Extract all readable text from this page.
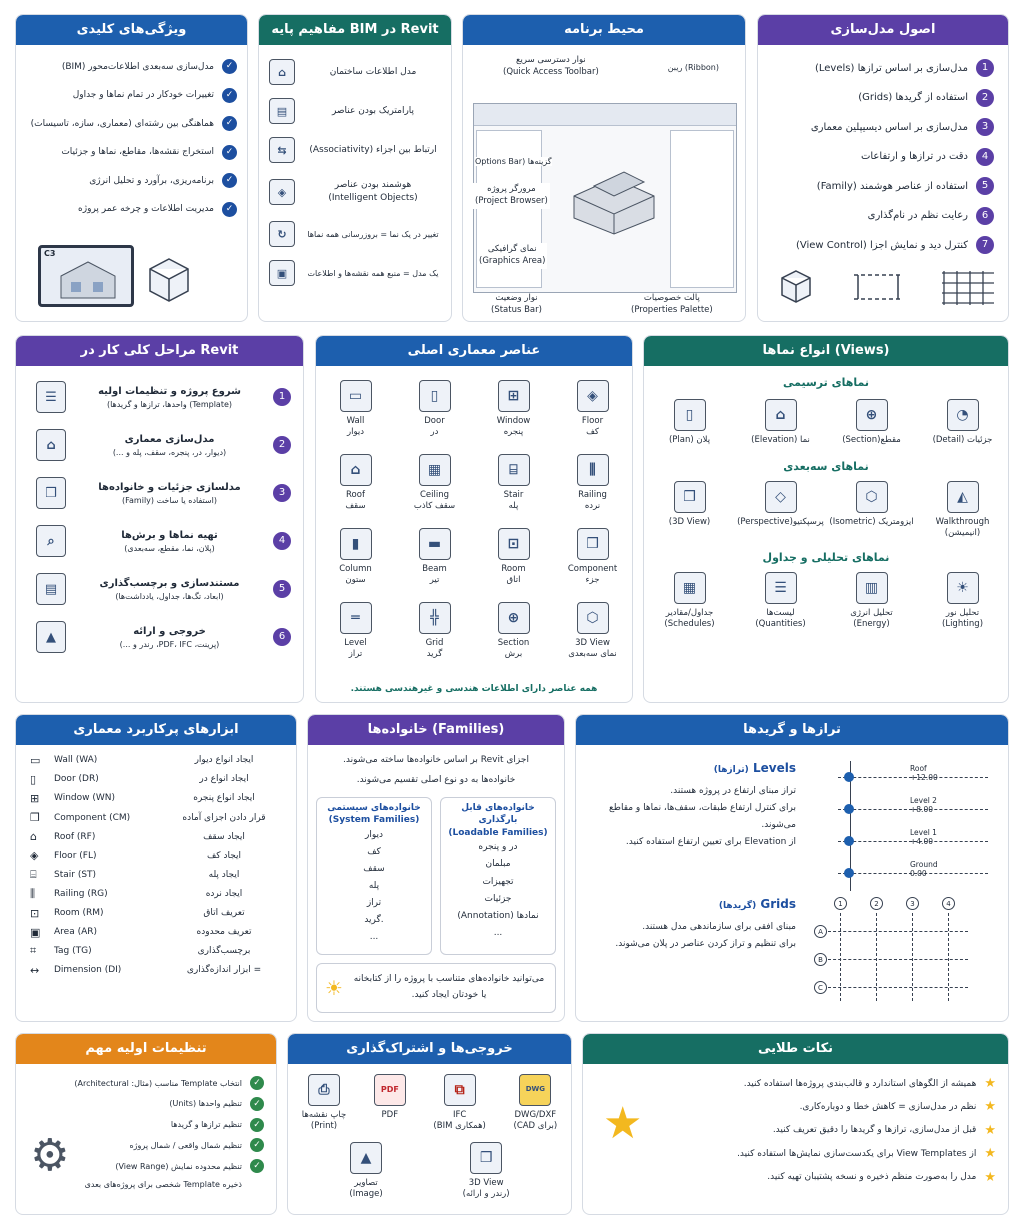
اصول مدل‌سازی
1
مدل‌سازی بر اساس ترازها (Levels)
2
استفاده از گریدها (Grids)
3
مدل‌سازی بر اساس دیسیپلین معماری
4
دقت در ترازها و ارتفاعات
5
استفاده از عناصر هوشمند (Family)
6
رعایت نظم در نام‌گذاری
7
کنترل دید و نمایش اجزا (View Control)
محیط برنامه
نوار دسترسی سریع
(Quick Access Toolbar)	ریبن (Ribbon)
Options Bar) گزینه‌ها
مرورگر پروژه
(Project Browser)
نمای گرافیکی
(Graphics Area)
نوار وضعیت
(Status Bar)
پالت خصوصیات
(Properties Palette)
مفاهیم پایه BIM در Revit
⌂	مدل اطلاعات ساختمان
▤	پارامتریک بودن عناصر
⇆	ارتباط بین اجزاء (Associativity)
◈
هوشمند بودن عناصر
(Intelligent Objects)
↻	تغییر در یک نما = بروزرسانی همه نماها
▣	یک مدل = منبع همه نقشه‌ها و اطلاعات
ویژگی‌های کلیدی
✓
مدل‌سازی سه‌بعدی اطلاعات‌محور (BIM)
✓
تغییرات خودکار در تمام نماها و جداول
✓
هماهنگی بین رشته‌ای (معماری، سازه، تاسیسات)
✓
استخراج نقشه‌ها، مقاطع، نماها و جزئیات
✓
برنامه‌ریزی، برآورد و تحلیل انرژی
✓
مدیریت اطلاعات و چرخه عمر پروژه
C3
انواع نماها (Views)
نماهای ترسیمی
◔
جزئیات (Detail)
⊕
مقطع(Section)
⌂
نما (Elevation)
▯
پلان (Plan)
نماهای سه‌بعدی
◭
Walkthrough
(انیمیشن)
⬡
ایزومتریک (Isometric)
◇
پرسپکتیو(Perspective)
❒
(3D View)
نماهای تحلیلی و جداول
☀
تحلیل نور
(Lighting)
▥
تحلیل انرژی
(Energy)
☰
لیست‌ها
(Quantities)
▦
جداول/مقادیر
(Schedules)
عناصر معماری اصلی
▭
Wall
دیوار
▯
Door
در
⊞
Window
پنجره
◈
Floor
کف
⌂
Roof
سقف
▦
Ceiling
سقف کاذب
⌸
Stair
پله
⫼
Railing
نرده
▮
Column
ستون
▬
Beam
تیر
⊡
Room
اتاق
❒
Component
جزء
═
Level
تراز
╬
Grid
گرید
⊕
Section
برش
⬡
3D View
نمای سه‌بعدی
همه عناصر دارای اطلاعات هندسی و غیرهندسی هستند.
مراحل کلی کار در Revit
☰	شروع پروژه و تنظیمات اولیه
(Template) واحدها، ترازها و گریدها)
1
⌂	مدل‌سازی معماری
(دیوار، در، پنجره، سقف، پله و ...)
2
❒	مدلسازی جزئیات و خانواده‌ها
(استفاده یا ساخت (Family)
3
⌕	تهیه نماها و برش‌ها
(پلان، نما، مقطع، سه‌بعدی)
4
▤	مستندسازی و برچسب‌گذاری
(ابعاد، تگ‌ها، جداول، یادداشت‌ها)
5
▲	خروجی و ارائه
(پرینت، PDF، IFC، رندر و ...)
6
ترازها و گریدها
Levels (ترازها)
تراز مبنای ارتفاع در پروژه هستند.
برای کنترل ارتفاع طبقات، سقف‌ها، نماها و مقاطع می‌شوند.
از Elevation برای تعیین ارتفاع استفاده کنید.
Grids (گریدها)
مبنای افقی برای سازماندهی مدل هستند.
برای تنظیم و تراز کردن عناصر در پلان می‌شوند.
Roof
+12.00
Level 2
+8.00
Level 1
+4.00
Ground
0.00
1	2	3	4
A
B
C
خانواده‌ها (Families)
اجزای Revit بر اساس خانواده‌ها ساخته می‌شوند.
خانواده‌ها به دو نوع اصلی تقسیم می‌شوند.
خانواده‌های سیستمی
(System Families)
دیوار
کف
سقف
پله
تراز
گرید.
...
خانواده‌های قابل بارگذاری
(Loadable Families)
در و پنجره
مبلمان
تجهیزات
جزئیات
(Annotation) نمادها
...
☀	می‌توانید خانواده‌های متناسب با پروژه را از کتابخانه یا خودتان ایجاد کنید.
ابزارهای پرکاربرد معماری
▭	Wall (WA)	ایجاد انواع دیوار
▯	Door (DR)	ایجاد انواع در
⊞	Window (WN)	ایجاد انواع پنجره
❒	Component (CM)	قرار دادن اجزای آماده
⌂	Roof (RF)	ایجاد سقف
◈	Floor (FL)	ایجاد کف
⌸	Stair (ST)	ایجاد پله
⫼	Railing (RG)	ایجاد نرده
⊡	Room (RM)	تعریف اتاق
▣	Area (AR)	تعریف محدوده
⌗	Tag (TG)	برچسب‌گذاری
↔	Dimension (DI)	= ابزار اندازه‌گذاری
نکات طلایی
★
★
همیشه از الگوهای استاندارد و قالب‌بندی پروژه‌ها استفاده کنید.
★
نظم در مدل‌سازی = کاهش خطا و دوباره‌کاری.
★
قبل از مدل‌سازی، ترازها و گریدها را دقیق تعریف کنید.
★
از View Templates برای یکدست‌سازی نمایش‌ها استفاده کنید.
★
مدل را به‌صورت منظم ذخیره و نسخه پشتیبان تهیه کنید.
خروجی‌ها و اشتراک‌گذاری
DWG
DWG/DXF
(برای CAD)
⧉
IFC
(همکاری BIM)
PDF
PDF
⎙
چاپ نقشه‌ها
(Print)
❒
3D View
(رندر و ارائه)
▲
تصاویر
(Image)
تنظیمات اولیه مهم
⚙
✓
انتخاب Template مناسب (مثال: Architectural)
✓
تنظیم واحدها (Units)
✓
تنظیم ترازها و گریدها
✓
تنظیم شمال واقعی / شمال پروژه
✓
تنظیم محدوده نمایش (View Range)
ذخیره Template شخصی برای پروژه‌های بعدی
